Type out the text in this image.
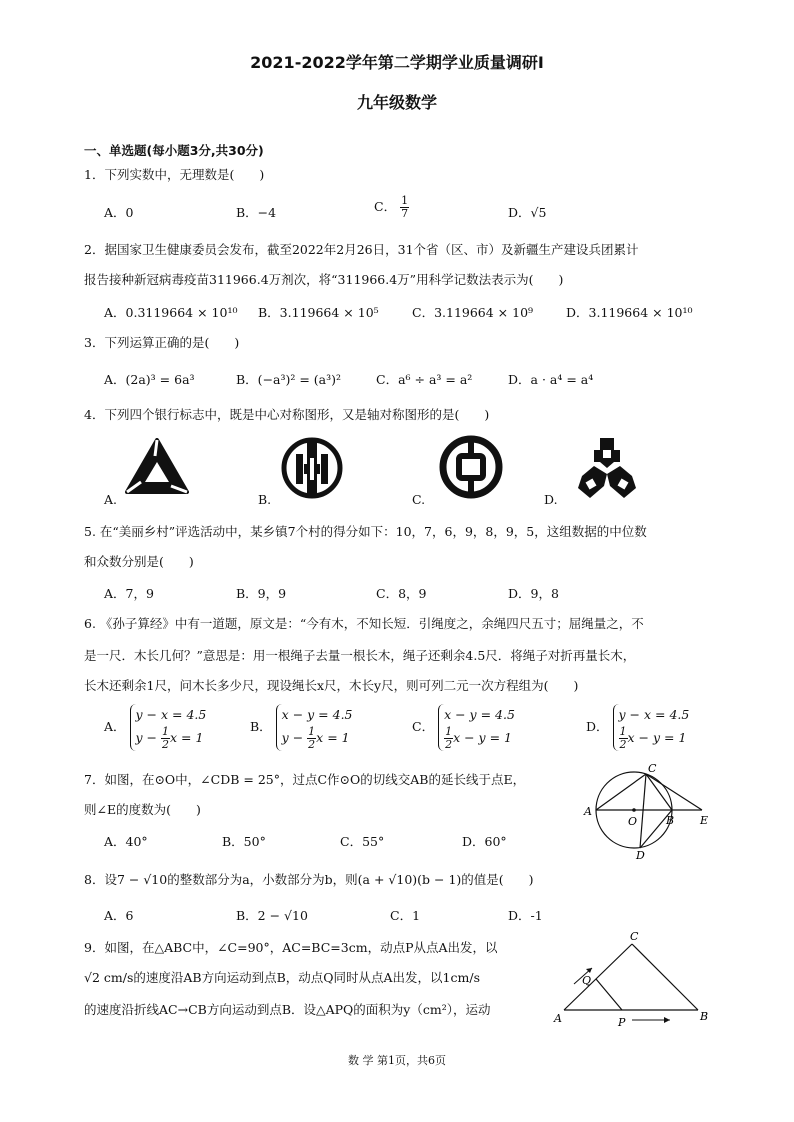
2021-2022学年第二学期学业质量调研Ⅰ
九年级数学
一、单选题(每小题3分,共30分)
1．下列实数中，无理数是(　　)
A．0	B．−4	C． $\frac{1}{7}$	D．√5
2．据国家卫生健康委员会发布，截至2022年2月26日，31个省（区、市）及新疆生产建设兵团累计
报告接种新冠病毒疫苗311966.4万剂次，将“311966.4万”用科学记数法表示为(　　)
A．0.3119664 × 10¹⁰ B．3.119664 × 10⁵	C．3.119664 × 10⁹	D．3.119664 × 10¹⁰
3．下列运算正确的是(　　)
A．(2a)³ = 6a³	B．(−a³)² = (a³)²	C．a⁶ ÷ a³ = a²	D．a · a⁴ = a⁴
4．下列四个银行标志中，既是中心对称图形，又是轴对称图形的是(　　)
A.	B.	C.	D.
5. 在“美丽乡村”评选活动中，某乡镇7个村的得分如下：10，7，6，9，8，9，5，这组数据的中位数
和众数分别是(　　)
A．7，9	B．9，9	C．8，9	D．9，8
6. 《孙子算经》中有一道题，原文是：“今有木，不知长短．引绳度之，余绳四尺五寸；屈绳量之，不
是一尺．木长几何？”意思是：用一根绳子去量一根长木，绳子还剩余4.5尺．将绳子对折再量长木，
长木还剩余1尺，问木长多少尺，现设绳长x尺，木长y尺，则可列二元一次方程组为(　　)
A． y − x = 4.5
$y - \frac{1}{2}$ x = 1
B． x − y = 4.5
$y - \frac{1}{2}$ x = 1
C． x − y = 4.5

$\frac{1}{2}$ x − y = 1
D． y − x = 4.5

$\frac{1}{2}$ x − y = 1
7．如图，在⊙O中，∠CDB = 25°，过点C作⊙O的切线交AB的延长线于点E，
则∠E的度数为(　　)
A．40°	B．50°	C．55°	D．60°
A
O	B E
C
D
8．设7 − √10的整数部分为a，小数部分为b，则(a + √10)(b − 1)的值是(　　)
A．6	B．2 − √10	C．1	D．-1
9．如图，在△ABC中，∠C=90°，AC=BC=3cm，动点P从点A出发，以
√2 cm/s的速度沿AB方向运动到点B，动点Q同时从点A出发，以1cm/s
的速度沿折线AC→CB方向运动到点B．设△APQ的面积为y（cm²），运动
C
Q
A	P	B
数 学 第1页，共6页
